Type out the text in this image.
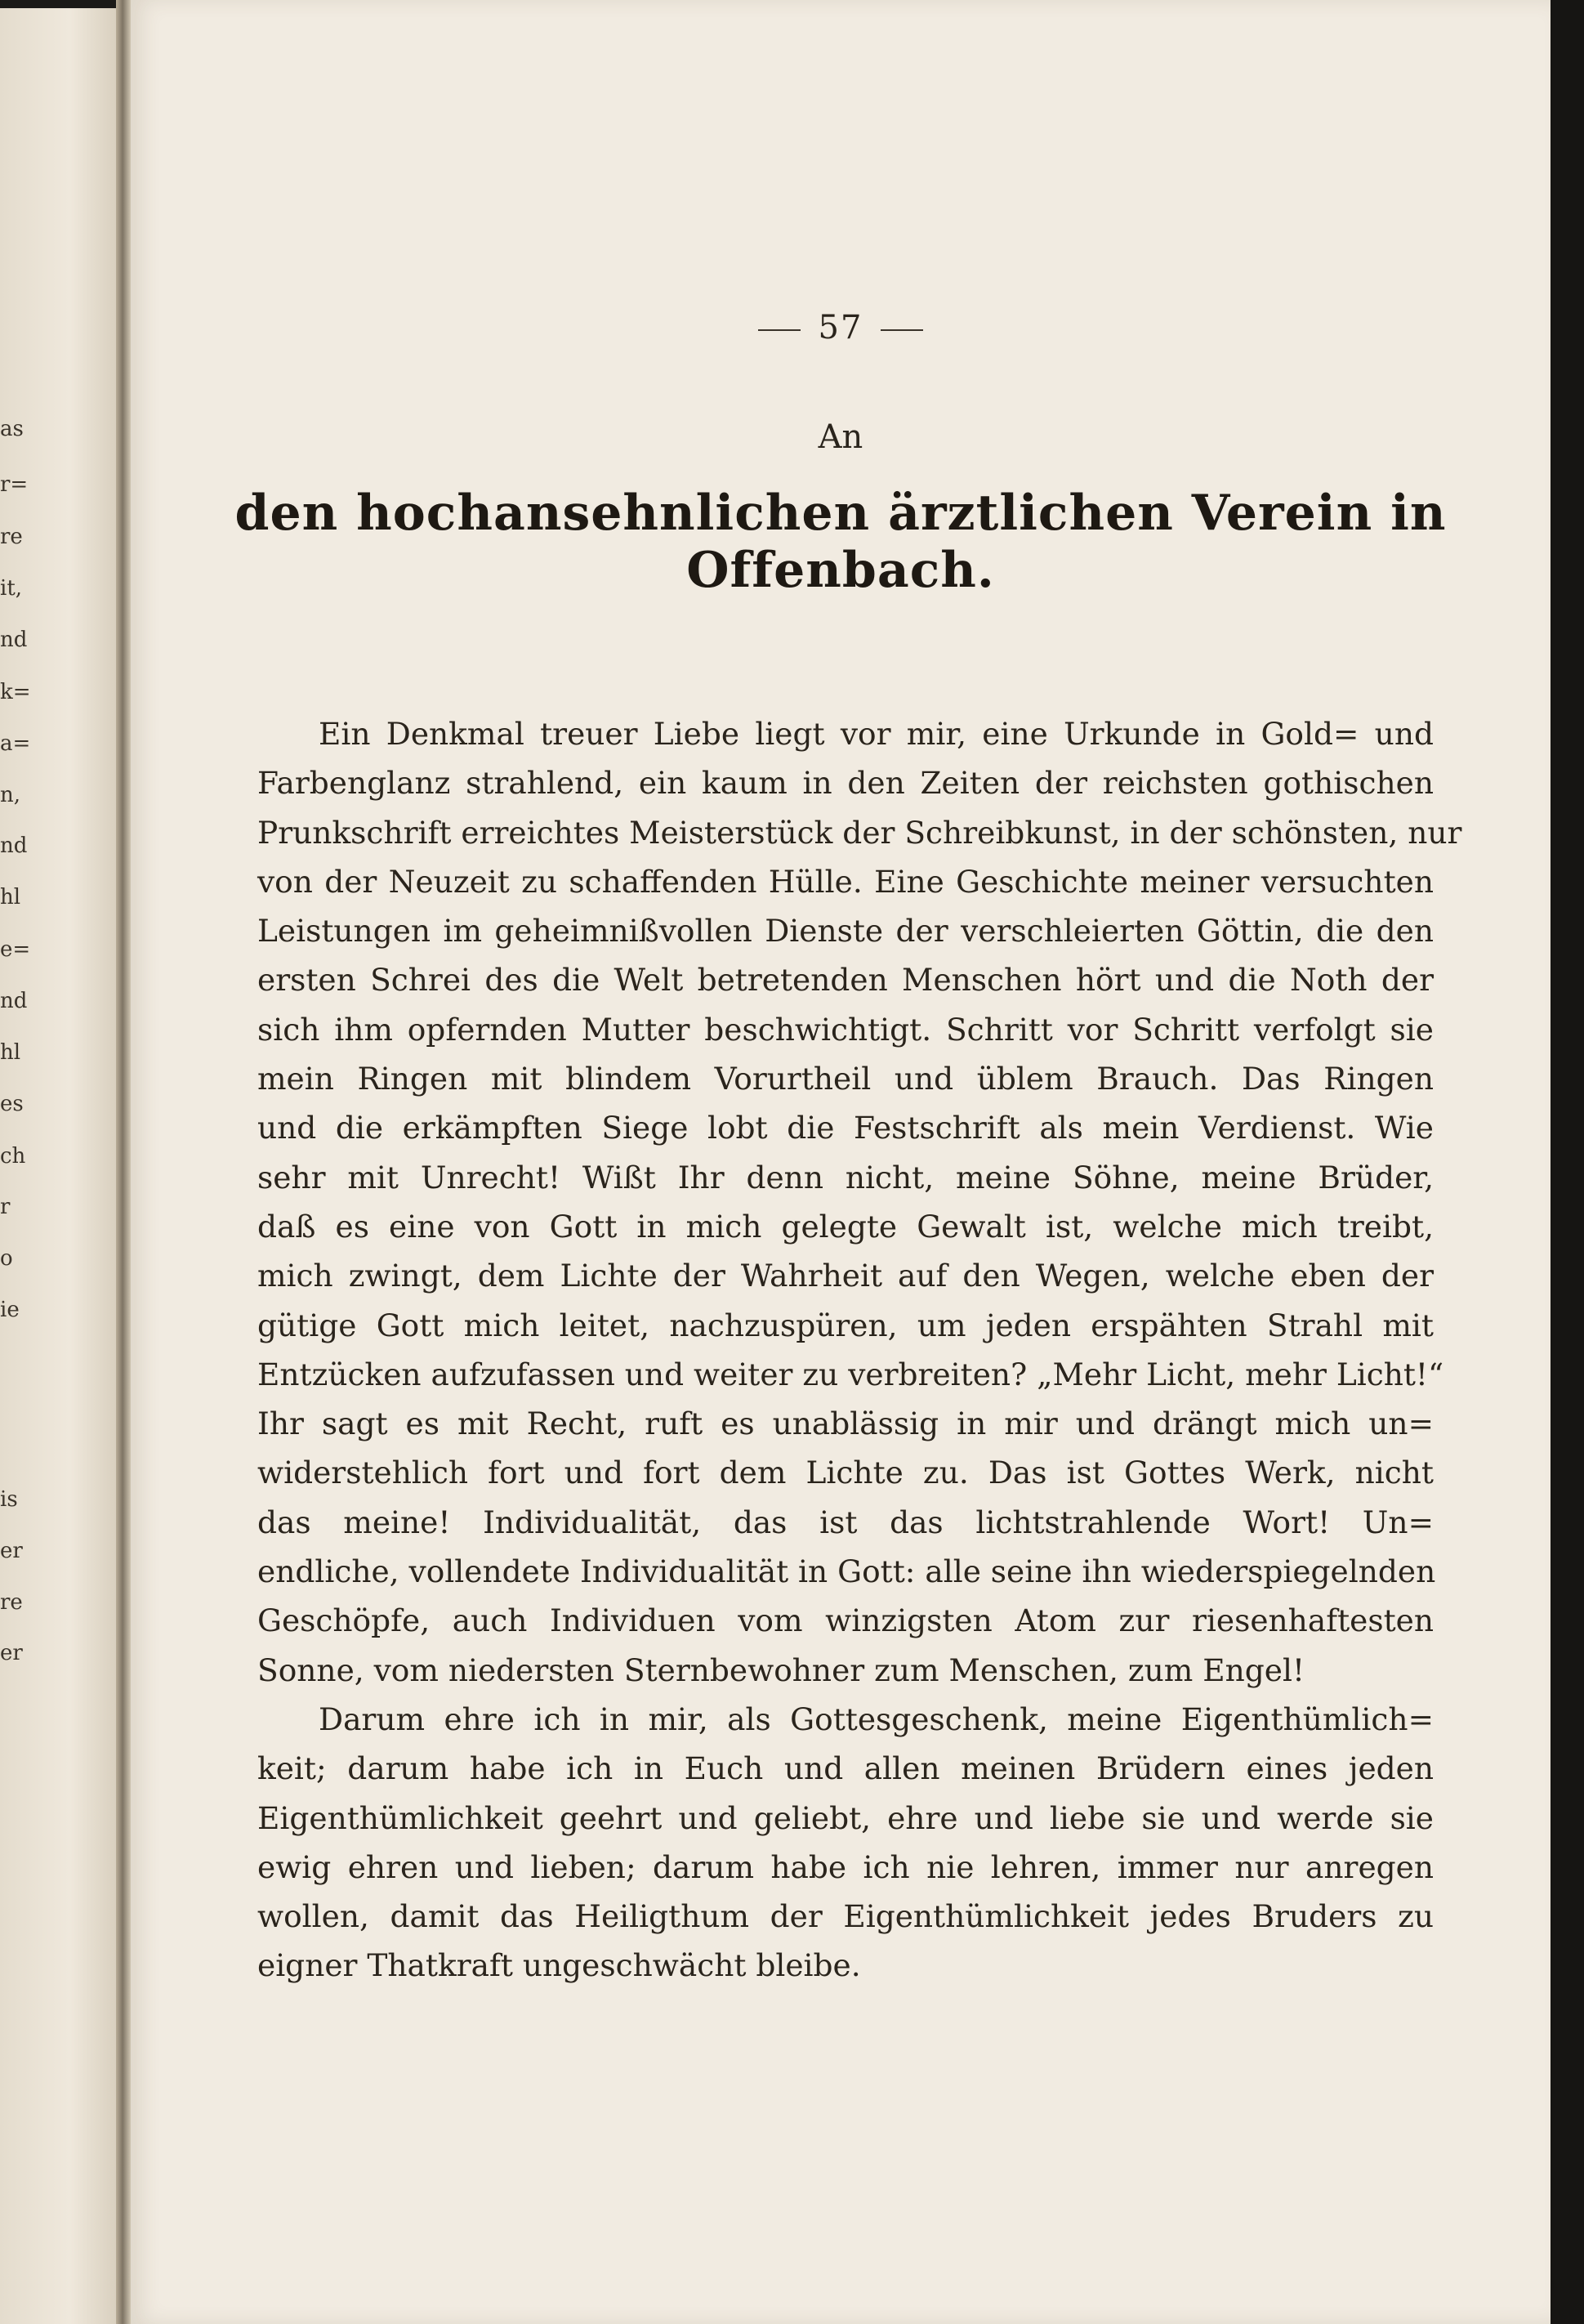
as
r=
re
it,
nd
k=
a=
n,
nd
hl
e=
nd
hl
es
ch
r
o
ie
is
er
re
er
57
An
den hochansehnlichen ärztlichen Verein in Offenbach.
Ein Denkmal treuer Liebe liegt vor mir, eine Urkunde in Gold= und
Farbenglanz strahlend, ein kaum in den Zeiten der reichsten gothischen
Prunkschrift erreichtes Meisterstück der Schreibkunst, in der schönsten, nur
von der Neuzeit zu schaffenden Hülle. Eine Geschichte meiner versuchten
Leistungen im geheimnißvollen Dienste der verschleierten Göttin, die den
ersten Schrei des die Welt betretenden Menschen hört und die Noth der
sich ihm opfernden Mutter beschwichtigt. Schritt vor Schritt verfolgt sie
mein Ringen mit blindem Vorurtheil und üblem Brauch. Das Ringen
und die erkämpften Siege lobt die Festschrift als mein Verdienst. Wie
sehr mit Unrecht! Wißt Ihr denn nicht, meine Söhne, meine Brüder,
daß es eine von Gott in mich gelegte Gewalt ist, welche mich treibt,
mich zwingt, dem Lichte der Wahrheit auf den Wegen, welche eben der
gütige Gott mich leitet, nachzuspüren, um jeden erspähten Strahl mit
Entzücken aufzufassen und weiter zu verbreiten? „Mehr Licht, mehr Licht!“
Ihr sagt es mit Recht, ruft es unablässig in mir und drängt mich un=
widerstehlich fort und fort dem Lichte zu. Das ist Gottes Werk, nicht
das meine! Individualität, das ist das lichtstrahlende Wort! Un=
endliche, vollendete Individualität in Gott: alle seine ihn wiederspiegelnden
Geschöpfe, auch Individuen vom winzigsten Atom zur riesenhaftesten
Sonne, vom niedersten Sternbewohner zum Menschen, zum Engel!
Darum ehre ich in mir, als Gottesgeschenk, meine Eigenthümlich=
keit; darum habe ich in Euch und allen meinen Brüdern eines jeden
Eigenthümlichkeit geehrt und geliebt, ehre und liebe sie und werde sie
ewig ehren und lieben; darum habe ich nie lehren, immer nur anregen
wollen, damit das Heiligthum der Eigenthümlichkeit jedes Bruders zu
eigner Thatkraft ungeschwächt bleibe.
